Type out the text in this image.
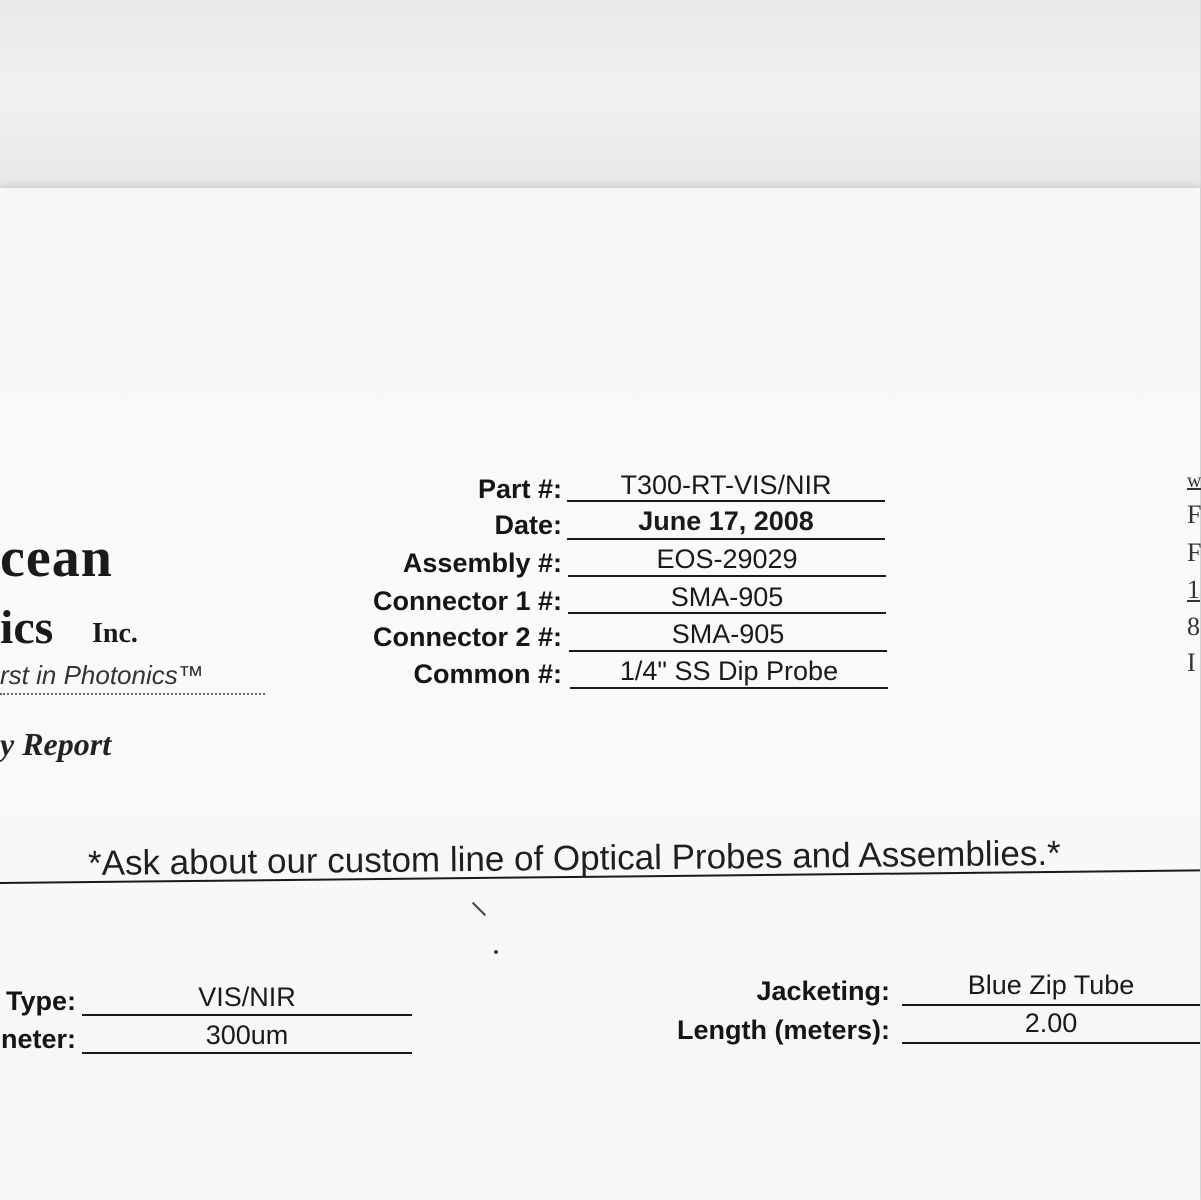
cean
ics Inc.
rst in Photonics™
y Report
Part #:	T300-RT-VIS/NIR
Date:	June 17, 2008
Assembly #:	EOS-29029
Connector 1 #:	SMA-905
Connector 2 #:	SMA-905
Common #:	1/4" SS Dip Probe
w
F
F
1
8
I
*Ask about our custom line of Optical Probes and Assemblies.*
Type:	VIS/NIR
neter:	300um
Jacketing:	Blue Zip Tube
Length (meters):	2.00
